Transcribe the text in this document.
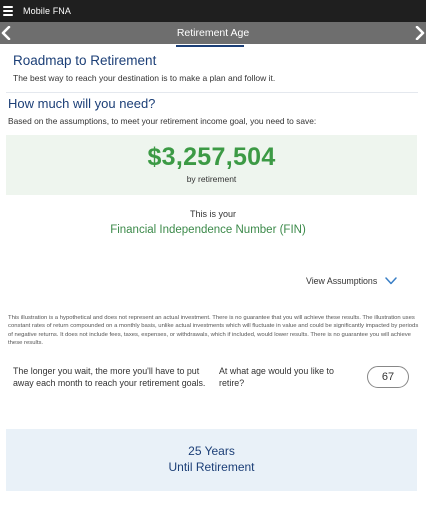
Mobile FNA
Retirement Age
Roadmap to Retirement
The best way to reach your destination is to make a plan and follow it.
How much will you need?
Based on the assumptions, to meet your retirement income goal, you need to save:
$3,257,504
by retirement
This is your
Financial Independence Number (FIN)
View Assumptions
This illustration is a hypothetical and does not represent an actual investment. There is no guarantee that you will achieve these results. The illustration uses constant rates of return compounded on a monthly basis, unlike actual investments which will fluctuate in value and could be significantly impacted by periods of negative returns. It does not include fees, taxes, expenses, or withdrawals, which if included, would lower results. There is no guarantee you will achieve these results.
The longer you wait, the more you'll have to put away each month to reach your retirement goals.
At what age would you like to retire?
67
25 Years
Until Retirement
